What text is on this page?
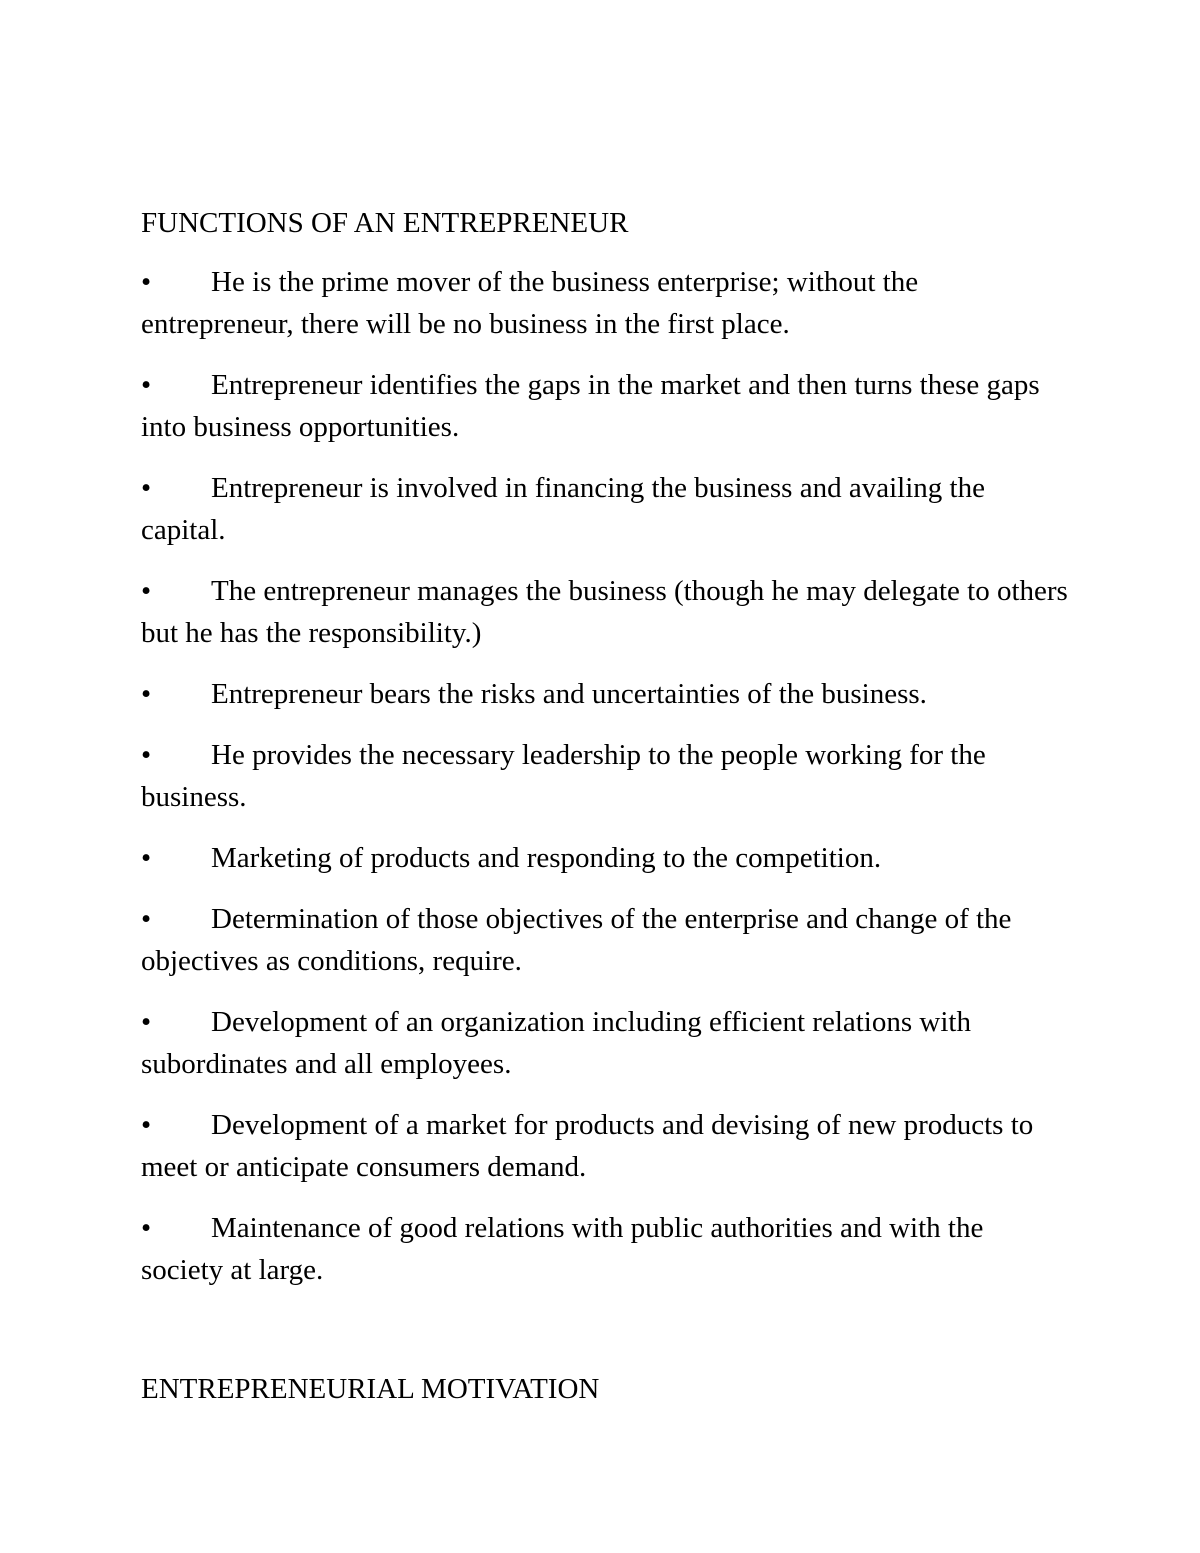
FUNCTIONS OF AN ENTREPRENEUR
• He is the prime mover of the business enterprise; without the entrepreneur, there will be no business in the first place.
• Entrepreneur identifies the gaps in the market and then turns these gaps into business opportunities.
• Entrepreneur is involved in financing the business and availing the capital.
• The entrepreneur manages the business (though he may delegate to others but he has the responsibility.)
• Entrepreneur bears the risks and uncertainties of the business.
• He provides the necessary leadership to the people working for the business.
• Marketing of products and responding to the competition.
• Determination of those objectives of the enterprise and change of the objectives as conditions, require.
• Development of an organization including efficient relations with subordinates and all employees.
• Development of a market for products and devising of new products to meet or anticipate consumers demand.
• Maintenance of good relations with public authorities and with the society at large.
ENTREPRENEURIAL MOTIVATION
